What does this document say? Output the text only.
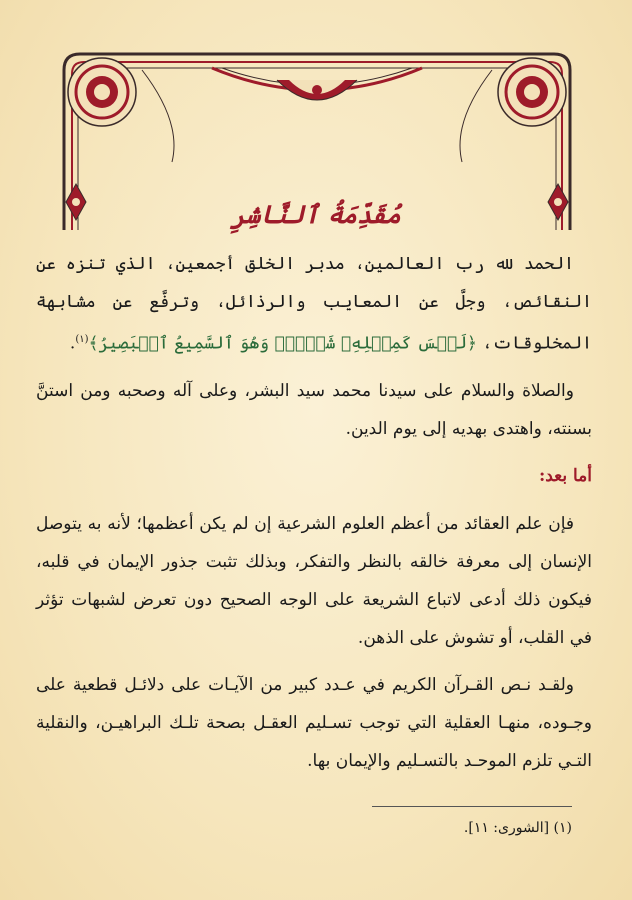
مُقَدِّمَةُ ٱلنَّاشِرِ

الحمد لله رب العالمين، مدبر الخلق أجمعين، الذي تنزه عن النقائص، وجلَّ عن المعايب والرذائل، وترفَّع عن مشابهة المخلوقات، ﴿لَيۡسَ كَمِثۡلِهِۦ شَيۡءٞۖ وَهُوَ ٱلسَّمِيعُ ٱلۡبَصِيرُ﴾$^{(١)}$.

والصلاة والسلام على سيدنا محمد سيد البشر، وعلى آله وصحبه ومن استنَّ بسنته، واهتدى بهديه إلى يوم الدين.

أما بعد:

فإن علم العقائد من أعظم العلوم الشرعية إن لم يكن أعظمها؛ لأنه به يتوصل الإنسان إلى معرفة خالقه بالنظر والتفكر، وبذلك تثبت جذور الإيمان في قلبه، فيكون ذلك أدعى لاتباع الشريعة على الوجه الصحيح دون تعرض لشبهات تؤثر في القلب، أو تشوش على الذهن.

ولقـد نـص القـرآن الكريم في عـدد كبير من الآيـات على دلائـل قطعية على وجـوده، منهـا العقلية التي توجب تسـليم العقـل بصحة تلـك البراهيـن، والنقلية التـي تلزم الموحـد بالتسـليم والإيمان بها.

(١) [الشورى: ١١].
